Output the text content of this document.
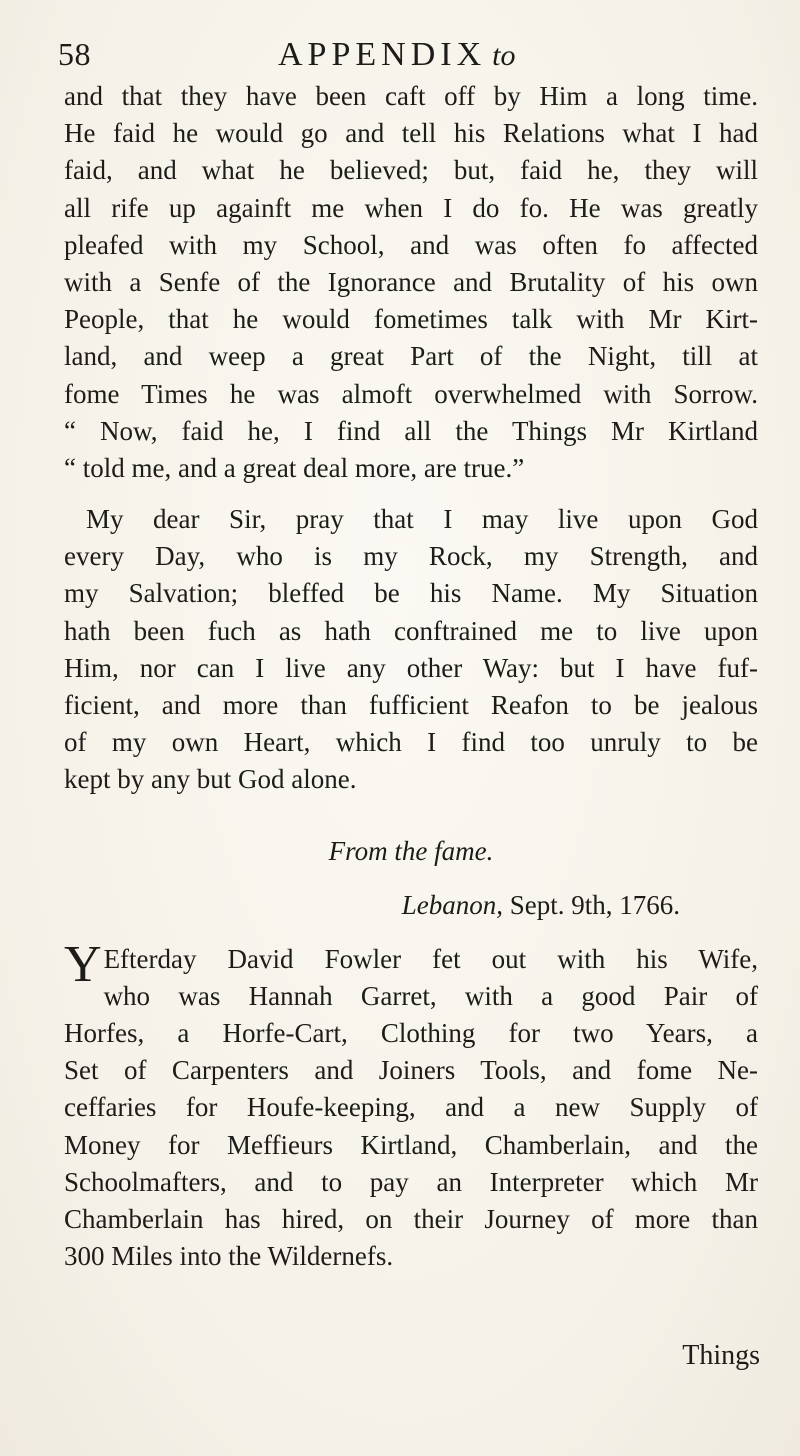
58	APPENDIX to
and that they have been caft off by Him a long time.
He faid he would go and tell his Relations what I had
faid, and what he believed; but, faid he, they will
all rife up againft me when I do fo. He was greatly
pleafed with my School, and was often fo affected
with a Senfe of the Ignorance and Brutality of his own
People, that he would fometimes talk with Mr Kirt-
land, and weep a great Part of the Night, till at
fome Times he was almoft overwhelmed with Sorrow.
“ Now, faid he, I find all the Things Mr Kirtland
“ told me, and a great deal more, are true.”
My dear Sir, pray that I may live upon God
every Day, who is my Rock, my Strength, and
my Salvation; bleffed be his Name. My Situation
hath been fuch as hath conftrained me to live upon
Him, nor can I live any other Way: but I have fuf-
ficient, and more than fufficient Reafon to be jealous
of my own Heart, which I find too unruly to be
kept by any but God alone.
From the fame.
Lebanon, Sept. 9th, 1766.
Y Efterday David Fowler fet out with his Wife,
who was Hannah Garret, with a good Pair of
Horfes, a Horfe-Cart, Clothing for two Years, a
Set of Carpenters and Joiners Tools, and fome Ne-
ceffaries for Houfe-keeping, and a new Supply of
Money for Meffieurs Kirtland, Chamberlain, and the
Schoolmafters, and to pay an Interpreter which Mr
Chamberlain has hired, on their Journey of more than
300 Miles into the Wildernefs.
Things
